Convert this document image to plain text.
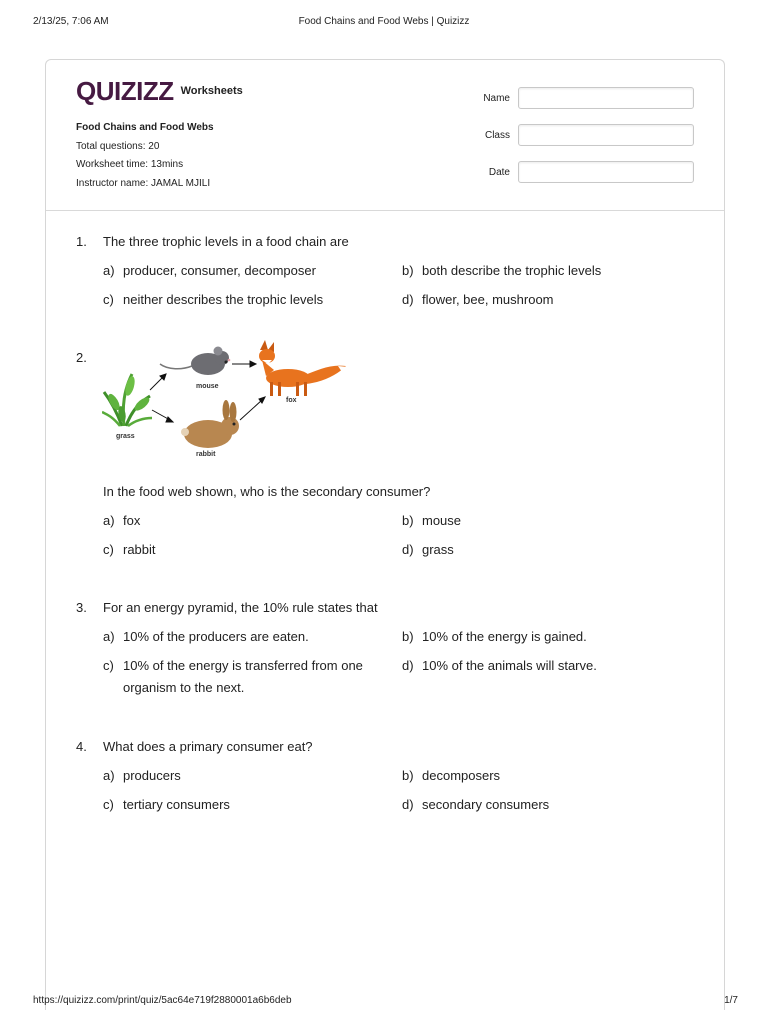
2/13/25, 7:06 AM	Food Chains and Food Webs | Quizizz
QUIZIZZ Worksheets
Food Chains and Food Webs
Total questions: 20
Worksheet time: 13mins
Instructor name: JAMAL MJILI
Name
Class
Date
1. The three trophic levels in a food chain are
a) producer, consumer, decomposer	b) both describe the trophic levels
c) neither describes the trophic levels	d) flower, bee, mushroom
2.
grass
mouse
fox
rabbit
In the food web shown, who is the secondary consumer?
a) fox	b) mouse
c) rabbit	d) grass
3. For an energy pyramid, the 10% rule states that
a) 10% of the producers are eaten.	b) 10% of the energy is gained.
c) 10% of the energy is transferred from one
organism to the next.
d) 10% of the animals will starve.
4. What does a primary consumer eat?
a) producers	b) decomposers
c) tertiary consumers	d) secondary consumers
https://quizizz.com/print/quiz/5ac64e719f2880001a6b6deb	1/7
